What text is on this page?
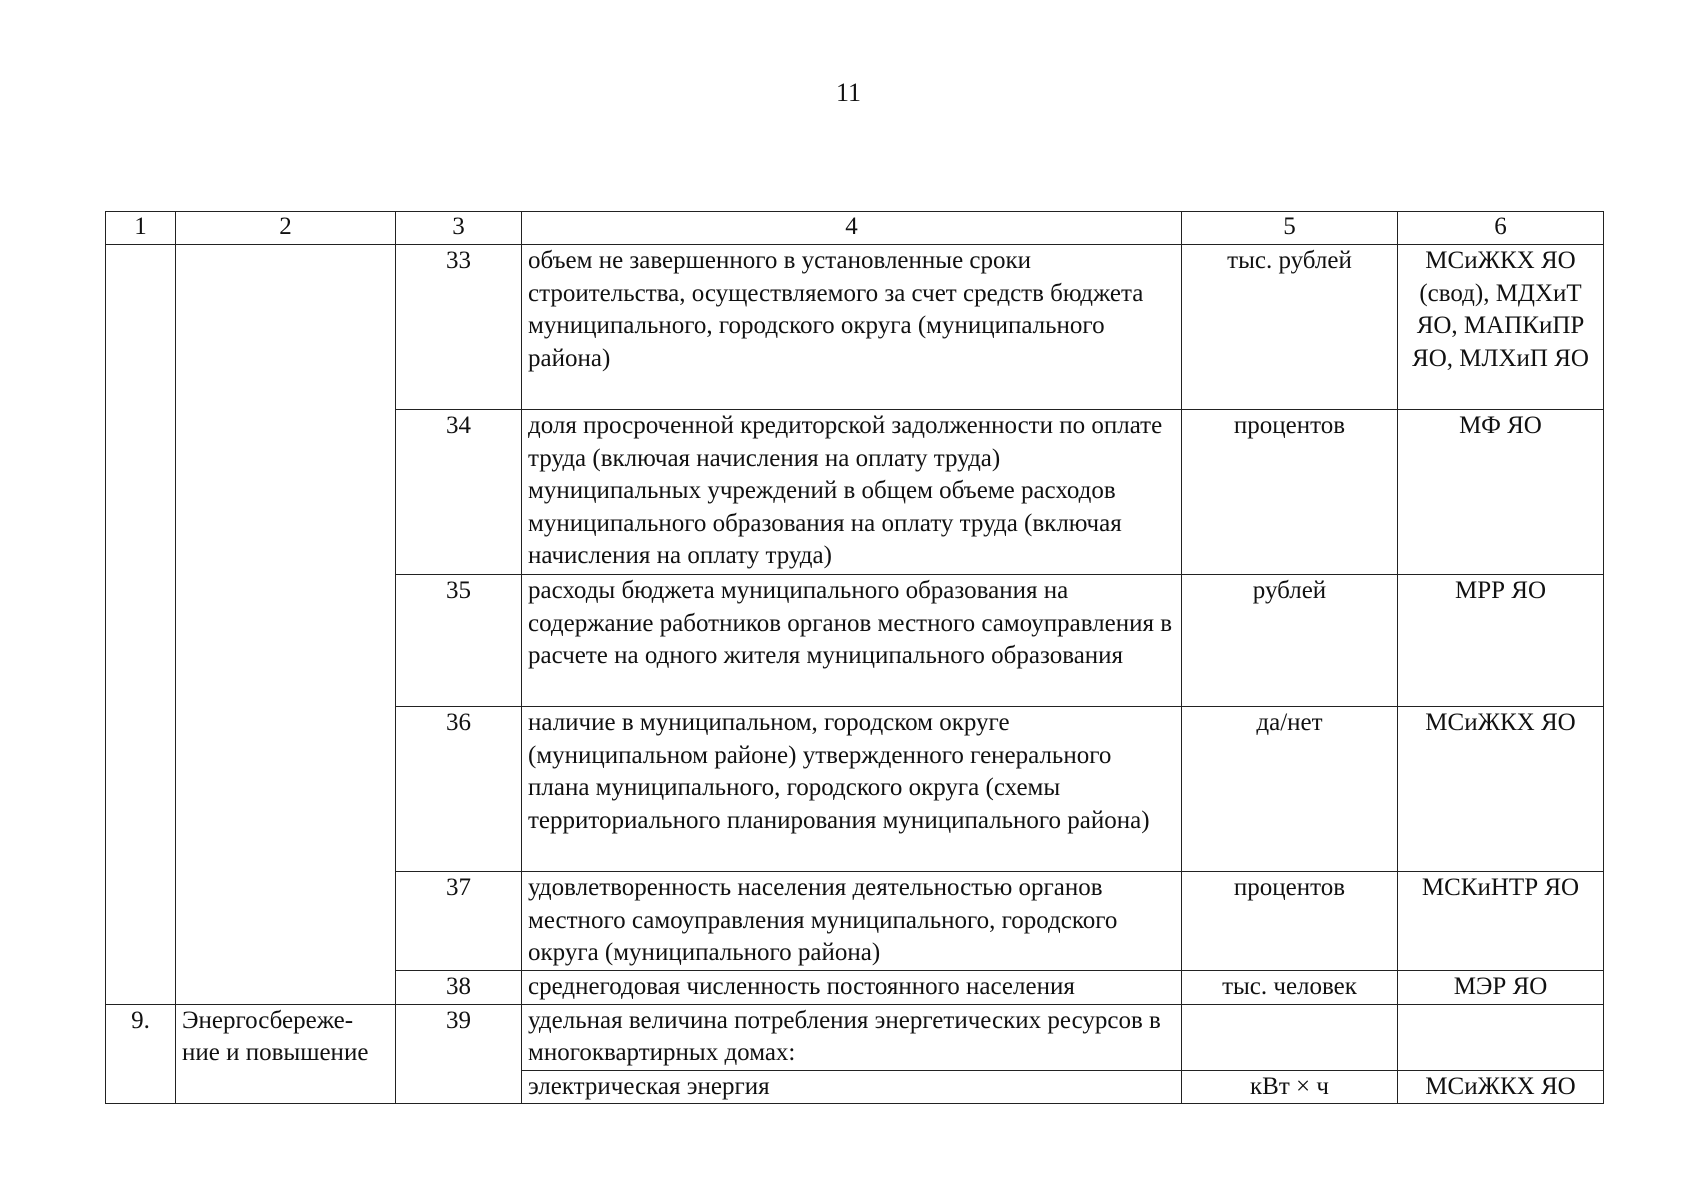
11
1	2	3	4	5	6
		33	объем не завершенного в установленные сроки строительства, осуществляемого за счет средств бюджета муниципального, городского округа (муниципального района)	тыс. рублей	МСиЖКХ ЯО (свод), МДХиТ ЯО, МАПКиПР ЯО, МЛХиП ЯО
		34	доля просроченной кредиторской задолженности по оплате труда (включая начисления на оплату труда) муниципальных учреждений в общем объеме расходов муниципального образования на оплату труда (включая начисления на оплату труда)	процентов	МФ ЯО
		35	расходы бюджета муниципального образования на содержание работников органов местного самоуправления в расчете на одного жителя муниципального образования	рублей	МРР ЯО
		36	наличие в муниципальном, городском округе (муниципальном районе) утвержденного генерального плана муниципального, городского округа (схемы территориального планирования муниципального района)	да/нет	МСиЖКХ ЯО
		37	удовлетворенность населения деятельностью органов местного самоуправления муниципального, городского округа (муниципального района)	процентов	МСКиНТР ЯО
		38	среднегодовая численность постоянного населения	тыс. человек	МЭР ЯО
9.	Энергосбереже-ние и повышение	39	удельная величина потребления энергетических ресурсов в многоквартирных домах:		
			электрическая энергия	кВт × ч	МСиЖКХ ЯО
